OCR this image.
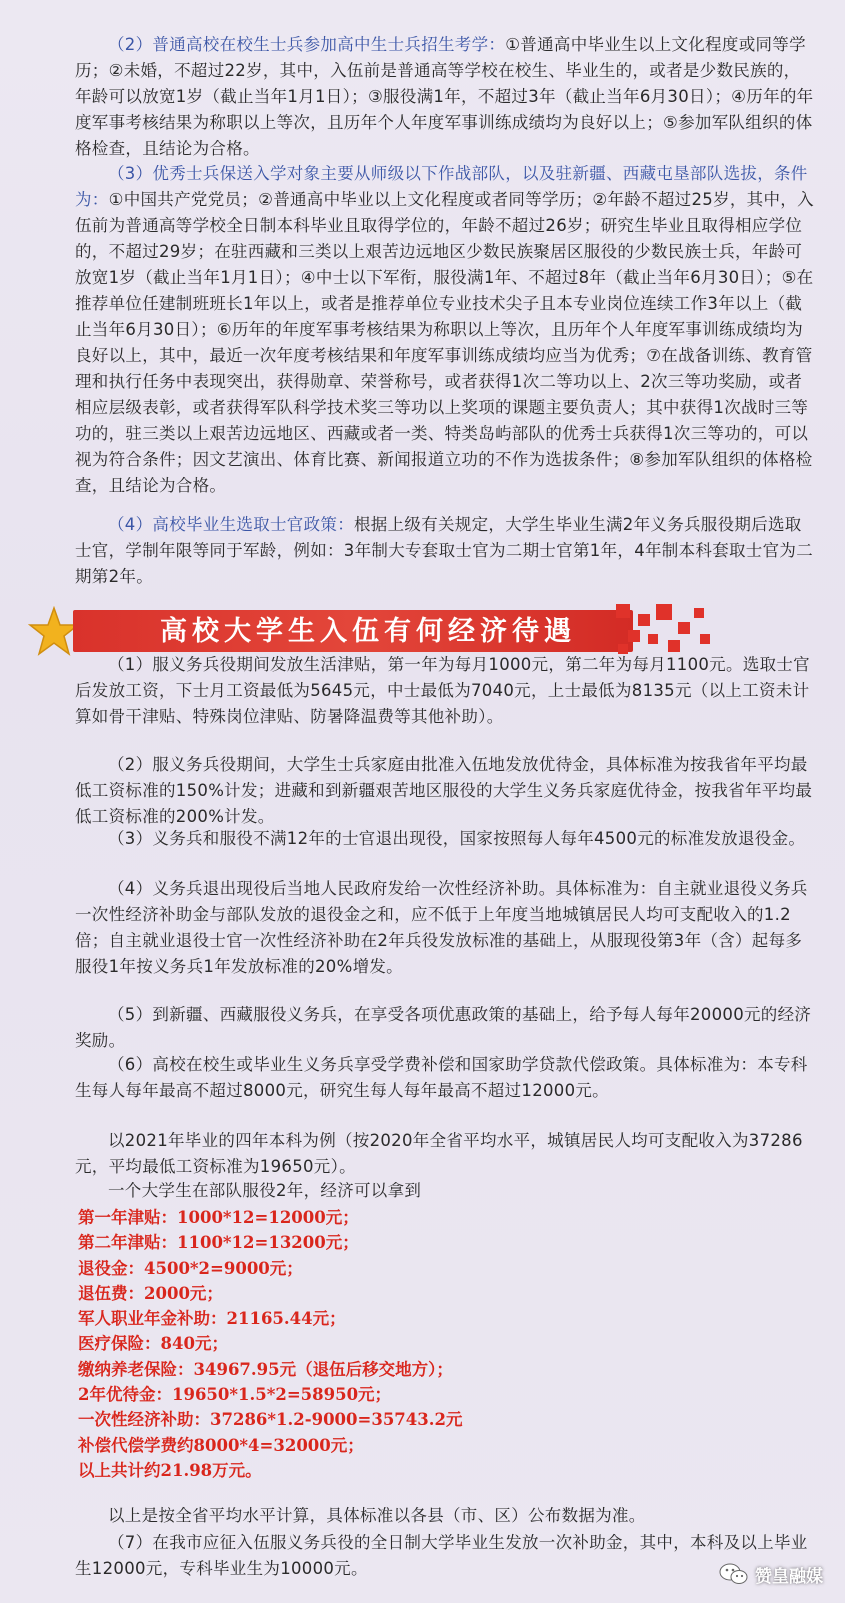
（2）普通高校在校生士兵参加高中生士兵招生考学：①普通高中毕业生以上文化程度或同等学历；②未婚，不超过22岁，其中，入伍前是普通高等学校在校生、毕业生的，或者是少数民族的，年龄可以放宽1岁（截止当年1月1日）；③服役满1年，不超过3年（截止当年6月30日）；④历年的年度军事考核结果为称职以上等次，且历年个人年度军事训练成绩均为良好以上；⑤参加军队组织的体格检查，且结论为合格。

（3）优秀士兵保送入学对象主要从师级以下作战部队，以及驻新疆、西藏屯垦部队选拔，条件为：①中国共产党党员；②普通高中毕业以上文化程度或者同等学历；②年龄不超过25岁，其中，入伍前为普通高等学校全日制本科毕业且取得学位的，年龄不超过26岁；研究生毕业且取得相应学位的，不超过29岁；在驻西藏和三类以上艰苦边远地区少数民族聚居区服役的少数民族士兵，年龄可放宽1岁（截止当年1月1日）；④中士以下军衔，服役满1年、不超过8年（截止当年6月30日）；⑤在推荐单位任建制班班长1年以上，或者是推荐单位专业技术尖子且本专业岗位连续工作3年以上（截止当年6月30日）；⑥历年的年度军事考核结果为称职以上等次，且历年个人年度军事训练成绩均为良好以上，其中，最近一次年度考核结果和年度军事训练成绩均应当为优秀；⑦在战备训练、教育管理和执行任务中表现突出，获得勋章、荣誉称号，或者获得1次二等功以上、2次三等功奖励，或者相应层级表彰，或者获得军队科学技术奖三等功以上奖项的课题主要负责人；其中获得1次战时三等功的，驻三类以上艰苦边远地区、西藏或者一类、特类岛屿部队的优秀士兵获得1次三等功的，可以视为符合条件；因文艺演出、体育比赛、新闻报道立功的不作为选拔条件；⑧参加军队组织的体格检查，且结论为合格。

（4）高校毕业生选取士官政策：根据上级有关规定，大学生毕业生满2年义务兵服役期后选取士官，学制年限等同于军龄，例如：3年制大专套取士官为二期士官第1年，4年制本科套取士官为二期第2年。

高校大学生入伍有何经济待遇

（1）服义务兵役期间发放生活津贴，第一年为每月1000元，第二年为每月1100元。选取士官后发放工资，下士月工资最低为5645元，中士最低为7040元，上士最低为8135元（以上工资未计算如骨干津贴、特殊岗位津贴、防暑降温费等其他补助）。

（2）服义务兵役期间，大学生士兵家庭由批准入伍地发放优待金，具体标准为按我省年平均最低工资标准的150%计发；进藏和到新疆艰苦地区服役的大学生义务兵家庭优待金，按我省年平均最低工资标准的200%计发。

（3）义务兵和服役不满12年的士官退出现役，国家按照每人每年4500元的标准发放退役金。

（4）义务兵退出现役后当地人民政府发给一次性经济补助。具体标准为：自主就业退役义务兵一次性经济补助金与部队发放的退役金之和，应不低于上年度当地城镇居民人均可支配收入的1.2倍；自主就业退役士官一次性经济补助在2年兵役发放标准的基础上，从服现役第3年（含）起每多服役1年按义务兵1年发放标准的20%增发。

（5）到新疆、西藏服役义务兵，在享受各项优惠政策的基础上，给予每人每年20000元的经济奖励。

（6）高校在校生或毕业生义务兵享受学费补偿和国家助学贷款代偿政策。具体标准为：本专科生每人每年最高不超过8000元，研究生每人每年最高不超过12000元。

以2021年毕业的四年本科为例（按2020年全省平均水平，城镇居民人均可支配收入为37286元，平均最低工资标准为19650元）。

一个大学生在部队服役2年，经济可以拿到

第一年津贴：1000*12=12000元；
第二年津贴：1100*12=13200元；
退役金：4500*2=9000元；
退伍费：2000元；
军人职业年金补助：21165.44元；
医疗保险：840元；
缴纳养老保险：34967.95元（退伍后移交地方）；
2年优待金：19650*1.5*2=58950元；
一次性经济补助：37286*1.2-9000=35743.2元
补偿代偿学费约8000*4=32000元；
以上共计约21.98万元。

以上是按全省平均水平计算，具体标准以各县（市、区）公布数据为准。

（7）在我市应征入伍服义务兵役的全日制大学毕业生发放一次补助金，其中，本科及以上毕业生12000元，专科毕业生为10000元。	赞皇融媒
